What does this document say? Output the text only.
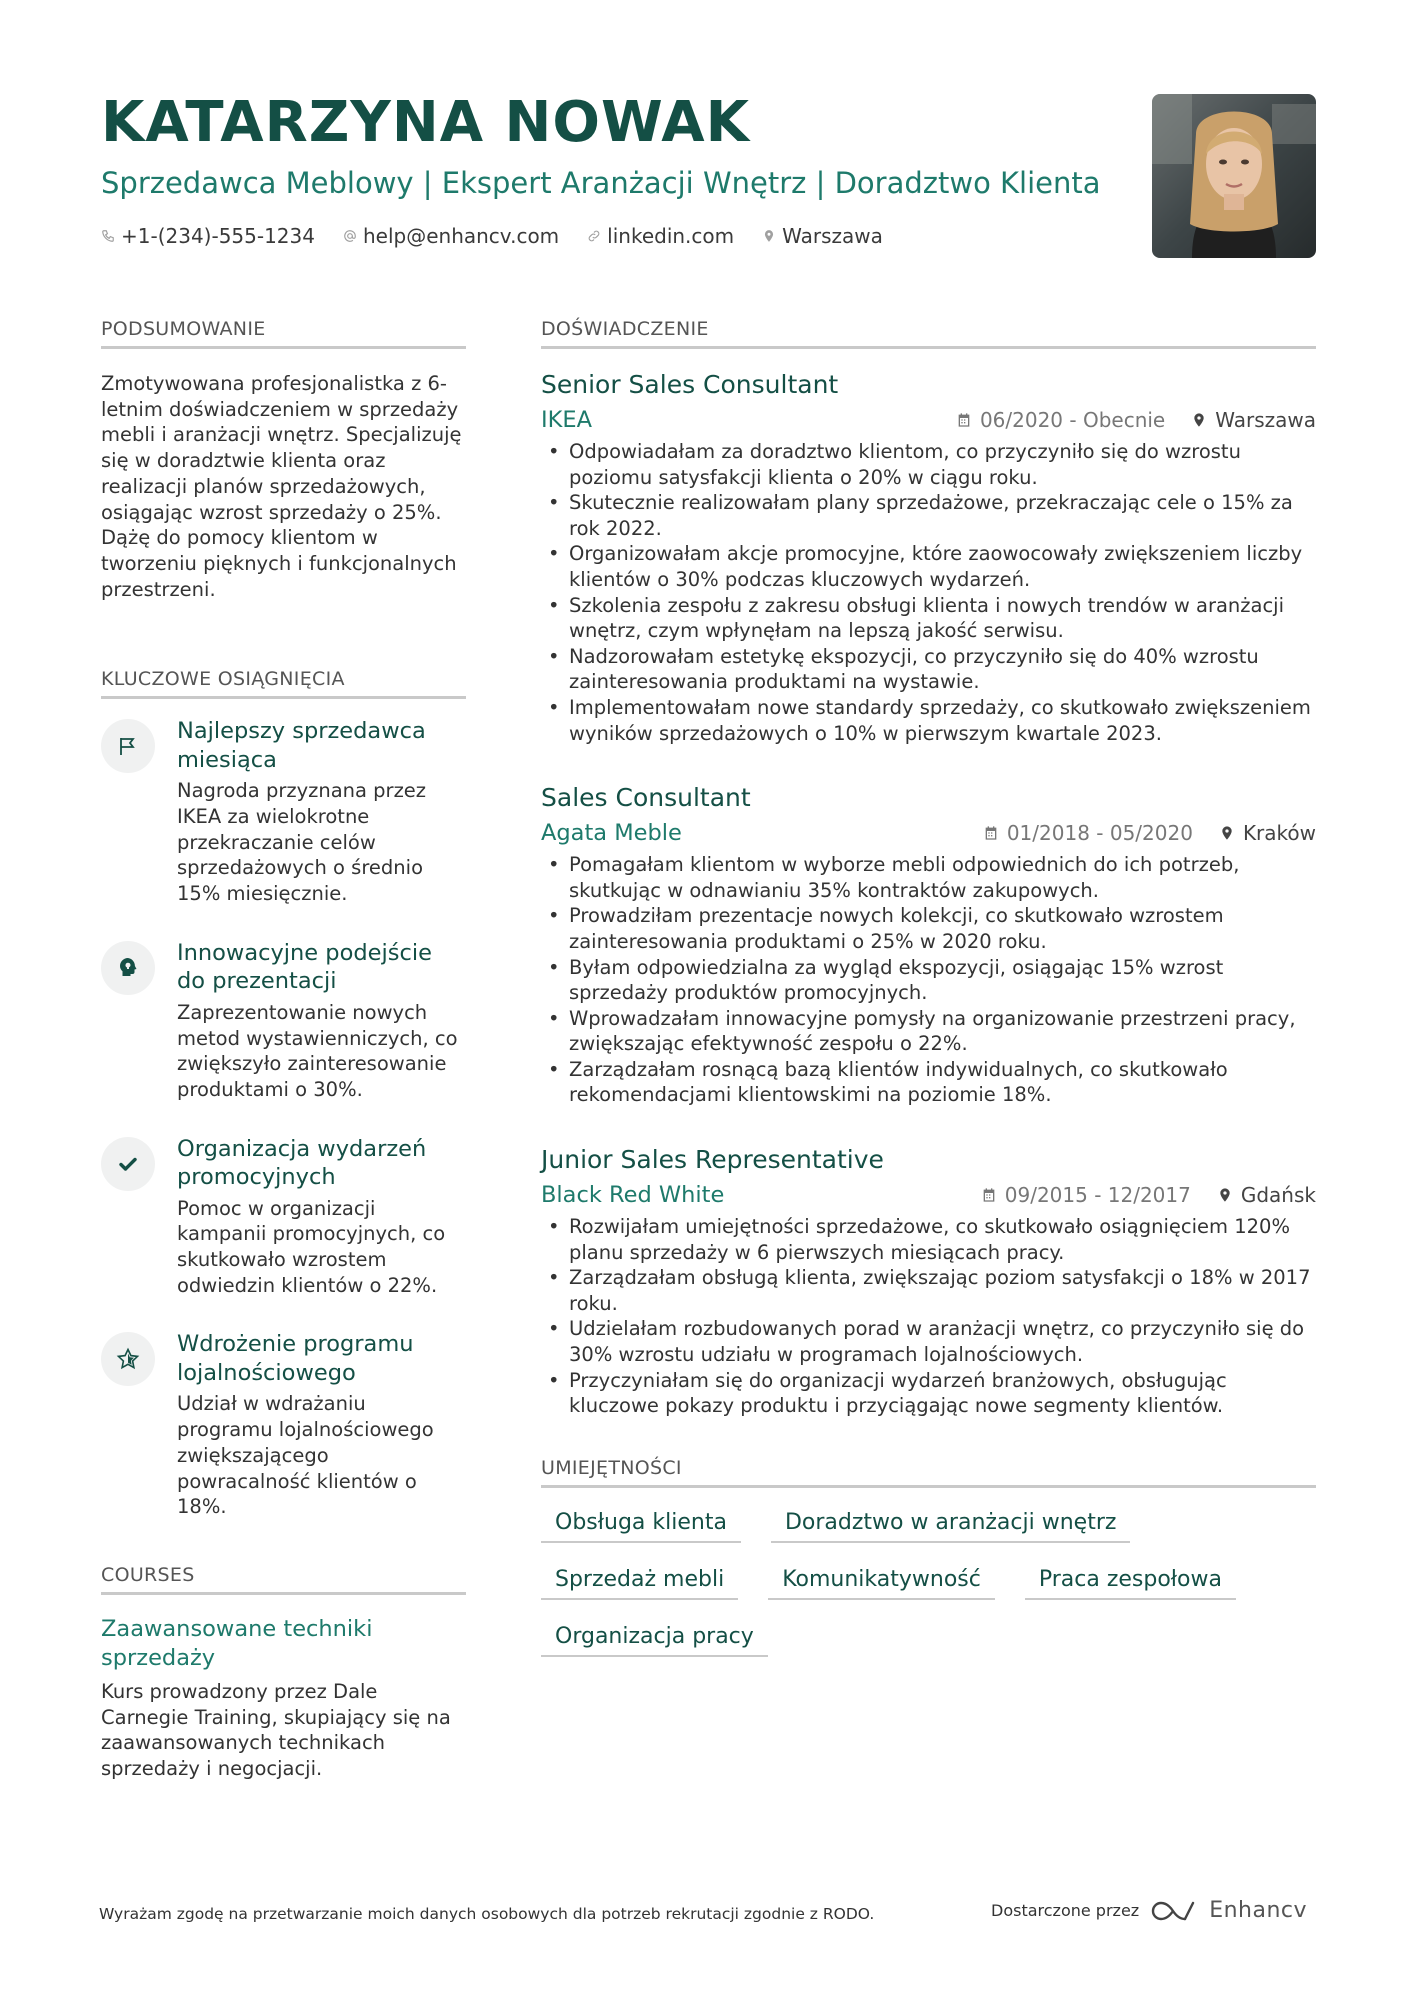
KATARZYNA NOWAK
Sprzedawca Meblowy | Ekspert Aranżacji Wnętrz | Doradztwo Klienta
+1-(234)-555-1234 help@enhancv.com linkedin.com Warszawa
PODSUMOWANIE
Zmotywowana profesjonalistka z 6-letnim doświadczeniem w sprzedaży mebli i aranżacji wnętrz. Specjalizuję się w doradztwie klienta oraz realizacji planów sprzedażowych, osiągając wzrost sprzedaży o 25%. Dążę do pomocy klientom w tworzeniu pięknych i funkcjonalnych przestrzeni.
KLUCZOWE OSIĄGNIĘCIA
Najlepszy sprzedawca miesiąca
Nagroda przyznana przez IKEA za wielokrotne przekraczanie celów sprzedażowych o średnio 15% miesięcznie.
Innowacyjne podejście do prezentacji
Zaprezentowanie nowych metod wystawienniczych, co zwiększyło zainteresowanie produktami o 30%.
Organizacja wydarzeń promocyjnych
Pomoc w organizacji kampanii promocyjnych, co skutkowało wzrostem odwiedzin klientów o 22%.
Wdrożenie programu lojalnościowego
Udział w wdrażaniu programu lojalnościowego zwiększającego powracalność klientów o 18%.
COURSES
Zaawansowane techniki sprzedaży
Kurs prowadzony przez Dale Carnegie Training, skupiający się na zaawansowanych technikach sprzedaży i negocjacji.
DOŚWIADCZENIE
Senior Sales Consultant
IKEA	06/2020 - Obecnie	Warszawa
• Odpowiadałam za doradztwo klientom, co przyczyniło się do wzrostu poziomu satysfakcji klienta o 20% w ciągu roku.
• Skutecznie realizowałam plany sprzedażowe, przekraczając cele o 15% za rok 2022.
• Organizowałam akcje promocyjne, które zaowocowały zwiększeniem liczby klientów o 30% podczas kluczowych wydarzeń.
• Szkolenia zespołu z zakresu obsługi klienta i nowych trendów w aranżacji wnętrz, czym wpłynęłam na lepszą jakość serwisu.
• Nadzorowałam estetykę ekspozycji, co przyczyniło się do 40% wzrostu zainteresowania produktami na wystawie.
• Implementowałam nowe standardy sprzedaży, co skutkowało zwiększeniem wyników sprzedażowych o 10% w pierwszym kwartale 2023.
Sales Consultant
Agata Meble	01/2018 - 05/2020	Kraków
• Pomagałam klientom w wyborze mebli odpowiednich do ich potrzeb, skutkując w odnawianiu 35% kontraktów zakupowych.
• Prowadziłam prezentacje nowych kolekcji, co skutkowało wzrostem zainteresowania produktami o 25% w 2020 roku.
• Byłam odpowiedzialna za wygląd ekspozycji, osiągając 15% wzrost sprzedaży produktów promocyjnych.
• Wprowadzałam innowacyjne pomysły na organizowanie przestrzeni pracy, zwiększając efektywność zespołu o 22%.
• Zarządzałam rosnącą bazą klientów indywidualnych, co skutkowało rekomendacjami klientowskimi na poziomie 18%.
Junior Sales Representative
Black Red White	09/2015 - 12/2017	Gdańsk
• Rozwijałam umiejętności sprzedażowe, co skutkowało osiągnięciem 120% planu sprzedaży w 6 pierwszych miesiącach pracy.
• Zarządzałam obsługą klienta, zwiększając poziom satysfakcji o 18% w 2017 roku.
• Udzielałam rozbudowanych porad w aranżacji wnętrz, co przyczyniło się do 30% wzrostu udziału w programach lojalnościowych.
• Przyczyniałam się do organizacji wydarzeń branżowych, obsługując kluczowe pokazy produktu i przyciągając nowe segmenty klientów.
UMIEJĘTNOŚCI
Obsługa klienta	Doradztwo w aranżacji wnętrz
Sprzedaż mebli	Komunikatywność	Praca zespołowa
Organizacja pracy
Wyrażam zgodę na przetwarzanie moich danych osobowych dla potrzeb rekrutacji zgodnie z RODO.	Dostarczone przez	Enhancv
